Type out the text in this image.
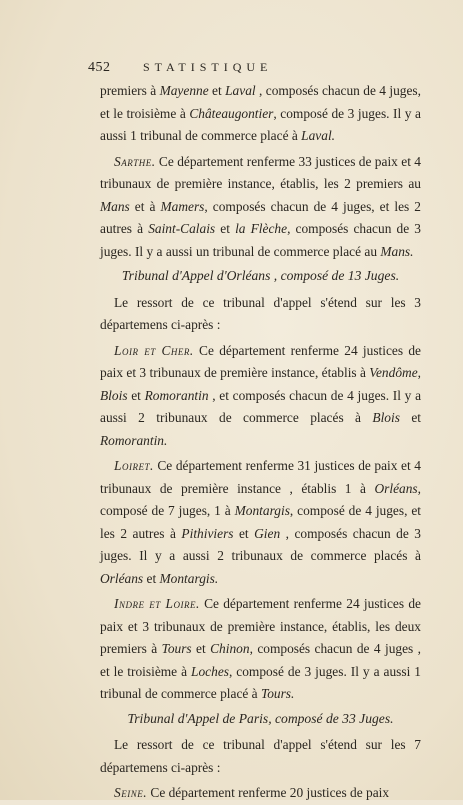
452	STATISTIQUE

premiers à Mayenne et Laval , composés chacun de 4 juges, et le troisième à Châteaugontier, composé de 3 juges. Il y a aussi 1 tribunal de commerce placé à Laval.

Sarthe. Ce département renferme 33 justices de paix et 4 tribunaux de première instance, établis, les 2 premiers au Mans et à Mamers, composés chacun de 4 juges, et les 2 autres à Saint-Calais et la Flèche, composés chacun de 3 juges. Il y a aussi un tribunal de commerce placé au Mans.

Tribunal d'Appel d'Orléans , composé de 13 Juges.

Le ressort de ce tribunal d'appel s'étend sur les 3 départemens ci-après :

Loir et Cher. Ce département renferme 24 justices de paix et 3 tribunaux de première instance, établis à Vendôme, Blois et Romorantin , et composés chacun de 4 juges. Il y a aussi 2 tribunaux de commerce placés à Blois et Romorantin.

Loiret. Ce département renferme 31 justices de paix et 4 tribunaux de première instance , établis 1 à Orléans, composé de 7 juges, 1 à Montargis, composé de 4 juges, et les 2 autres à Pithiviers et Gien , composés chacun de 3 juges. Il y a aussi 2 tribunaux de commerce placés à Orléans et Montargis.

Indre et Loire. Ce département renferme 24 justices de paix et 3 tribunaux de première instance, établis, les deux premiers à Tours et Chinon, composés chacun de 4 juges , et le troisième à Loches, composé de 3 juges. Il y a aussi 1 tribunal de commerce placé à Tours.

Tribunal d'Appel de Paris, composé de 33 Juges.

Le ressort de ce tribunal d'appel s'étend sur les 7 départemens ci-après :

Seine. Ce département renferme 20 justices de paix
